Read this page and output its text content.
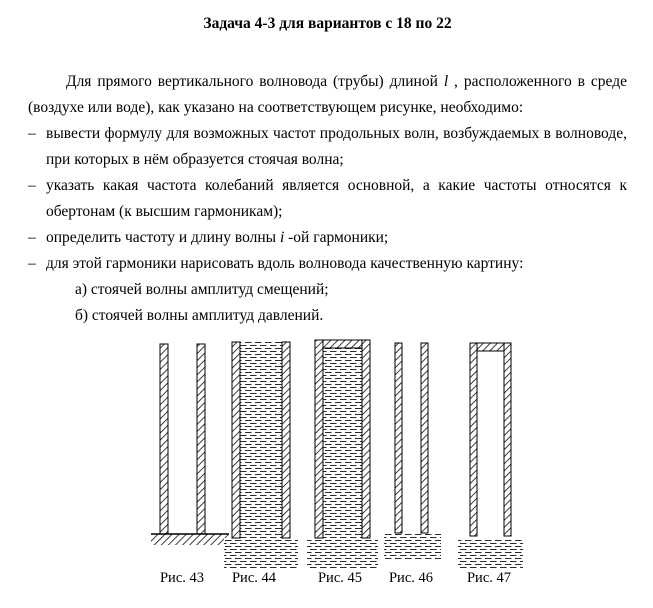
Задача 4-3 для вариантов с 18 по 22

Для прямого вертикального волновода (трубы) длиной l , расположенного в среде (воздухе или воде), как указано на соответствующем рисунке, необходимо:

– вывести формулу для возможных частот продольных волн, возбуждаемых в волноводе, при которых в нём образуется стоячая волна;
– указать какая частота колебаний является основной, а какие частоты относятся к обертонам (к высшим гармоникам);
– определить частоту и длину волны i -ой гармоники;
– для этой гармоники нарисовать вдоль волновода качественную картину:
а) стоячей волны амплитуд смещений;
б) стоячей волны амплитуд давлений.
Рис. 43 Рис. 44	Рис. 45 Рис. 46 Рис. 47
